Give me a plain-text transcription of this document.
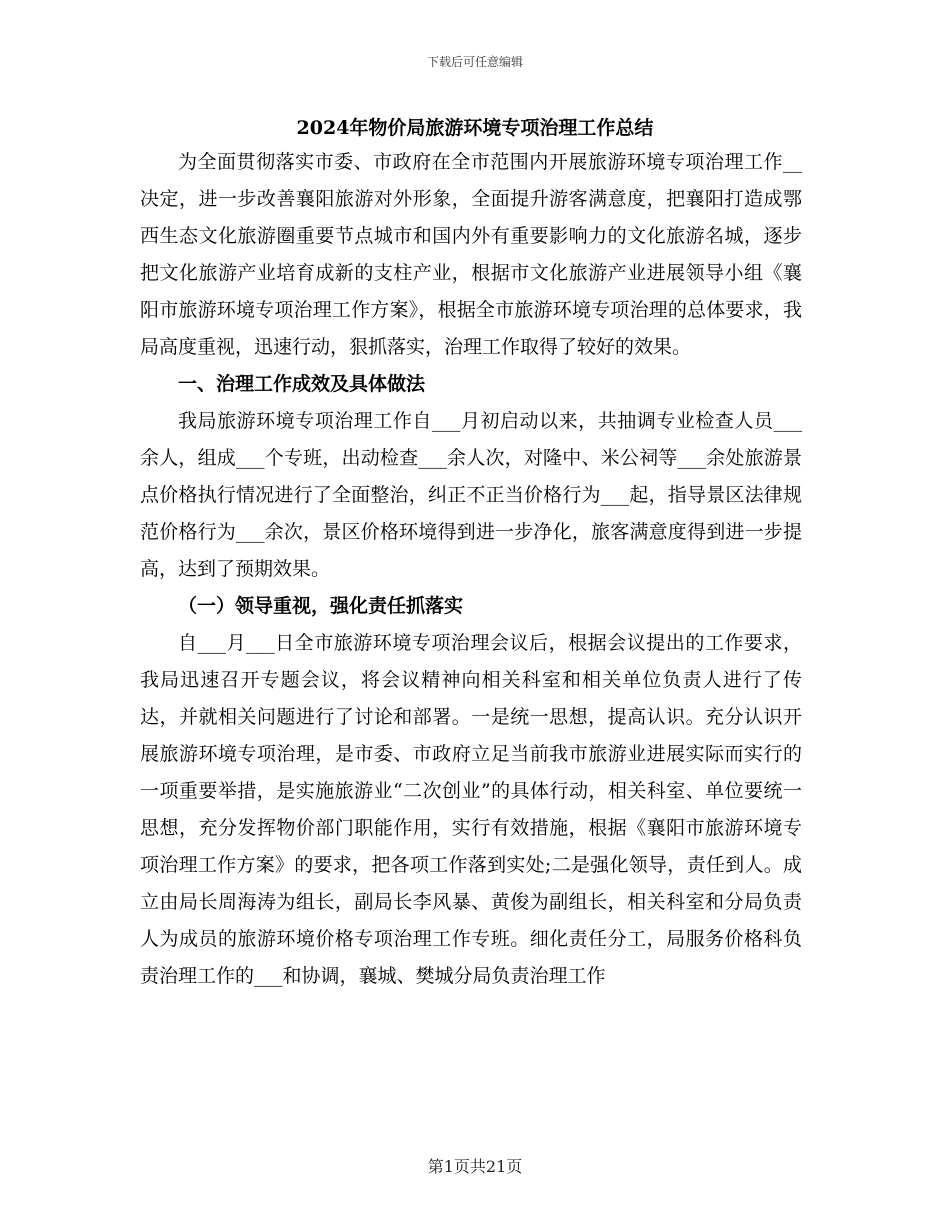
下载后可任意编辑
2024年物价局旅游环境专项治理工作总结

为全面贯彻落实市委、市政府在全市范围内开展旅游环境专项治理工作__决定，进一步改善襄阳旅游对外形象，全面提升游客满意度，把襄阳打造成鄂西生态文化旅游圈重要节点城市和国内外有重要影响力的文化旅游名城，逐步把文化旅游产业培育成新的支柱产业，根据市文化旅游产业进展领导小组《襄阳市旅游环境专项治理工作方案》，根据全市旅游环境专项治理的总体要求，我局高度重视，迅速行动，狠抓落实，治理工作取得了较好的效果。

一、治理工作成效及具体做法

我局旅游环境专项治理工作自___月初启动以来，共抽调专业检查人员___余人，组成___个专班，出动检查___余人次，对隆中、米公祠等___余处旅游景点价格执行情况进行了全面整治，纠正不正当价格行为___起，指导景区法律规范价格行为___余次，景区价格环境得到进一步净化，旅客满意度得到进一步提高，达到了预期效果。

（一）领导重视，强化责任抓落实

自___月___日全市旅游环境专项治理会议后，根据会议提出的工作要求，我局迅速召开专题会议，将会议精神向相关科室和相关单位负责人进行了传达，并就相关问题进行了讨论和部署。一是统一思想，提高认识。充分认识开展旅游环境专项治理，是市委、市政府立足当前我市旅游业进展实际而实行的一项重要举措，是实施旅游业“二次创业”的具体行动，相关科室、单位要统一思想，充分发挥物价部门职能作用，实行有效措施，根据《襄阳市旅游环境专项治理工作方案》的要求，把各项工作落到实处;二是强化领导，责任到人。成立由局长周海涛为组长，副局长李风暴、黄俊为副组长，相关科室和分局负责人为成员的旅游环境价格专项治理工作专班。细化责任分工，局服务价格科负责治理工作的___和协调，襄城、樊城分局负责治理工作

第1页共21页
